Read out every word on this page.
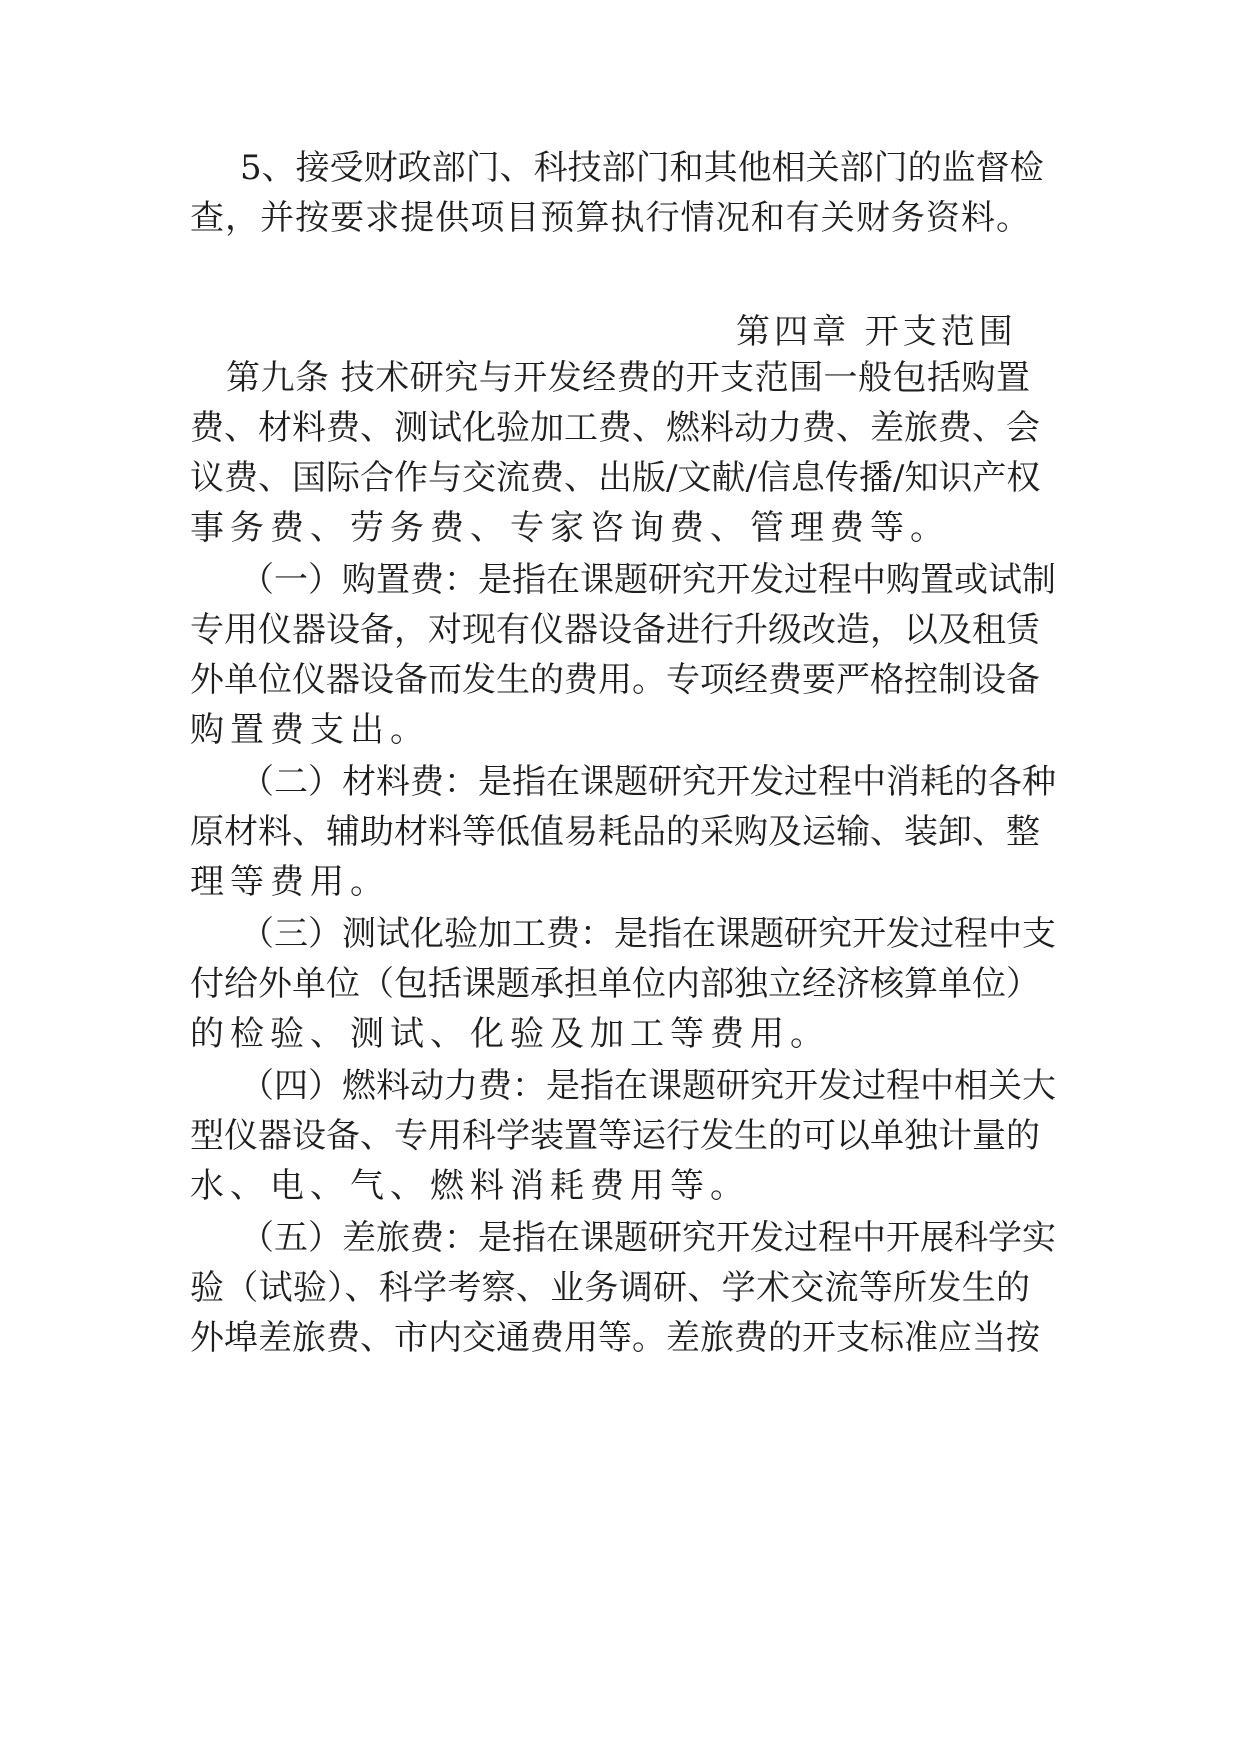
5、接受财政部门、科技部门和其他相关部门的监督检
查，并按要求提供项目预算执行情况和有关财务资料。
第四章 开支范围
第九条 技术研究与开发经费的开支范围一般包括购置
费、材料费、测试化验加工费、燃料动力费、差旅费、会
议费、国际合作与交流费、出版/文献/信息传播/知识产权
事务费、劳务费、专家咨询费、管理费等。
（一）购置费：是指在课题研究开发过程中购置或试制
专用仪器设备，对现有仪器设备进行升级改造，以及租赁
外单位仪器设备而发生的费用。专项经费要严格控制设备
购置费支出。
（二）材料费：是指在课题研究开发过程中消耗的各种
原材料、辅助材料等低值易耗品的采购及运输、装卸、整
理等费用。
（三）测试化验加工费：是指在课题研究开发过程中支
付给外单位（包括课题承担单位内部独立经济核算单位）
的检验、测试、化验及加工等费用。
（四）燃料动力费：是指在课题研究开发过程中相关大
型仪器设备、专用科学装置等运行发生的可以单独计量的
水、电、气、燃料消耗费用等。
（五）差旅费：是指在课题研究开发过程中开展科学实
验（试验）、科学考察、业务调研、学术交流等所发生的
外埠差旅费、市内交通费用等。差旅费的开支标准应当按
